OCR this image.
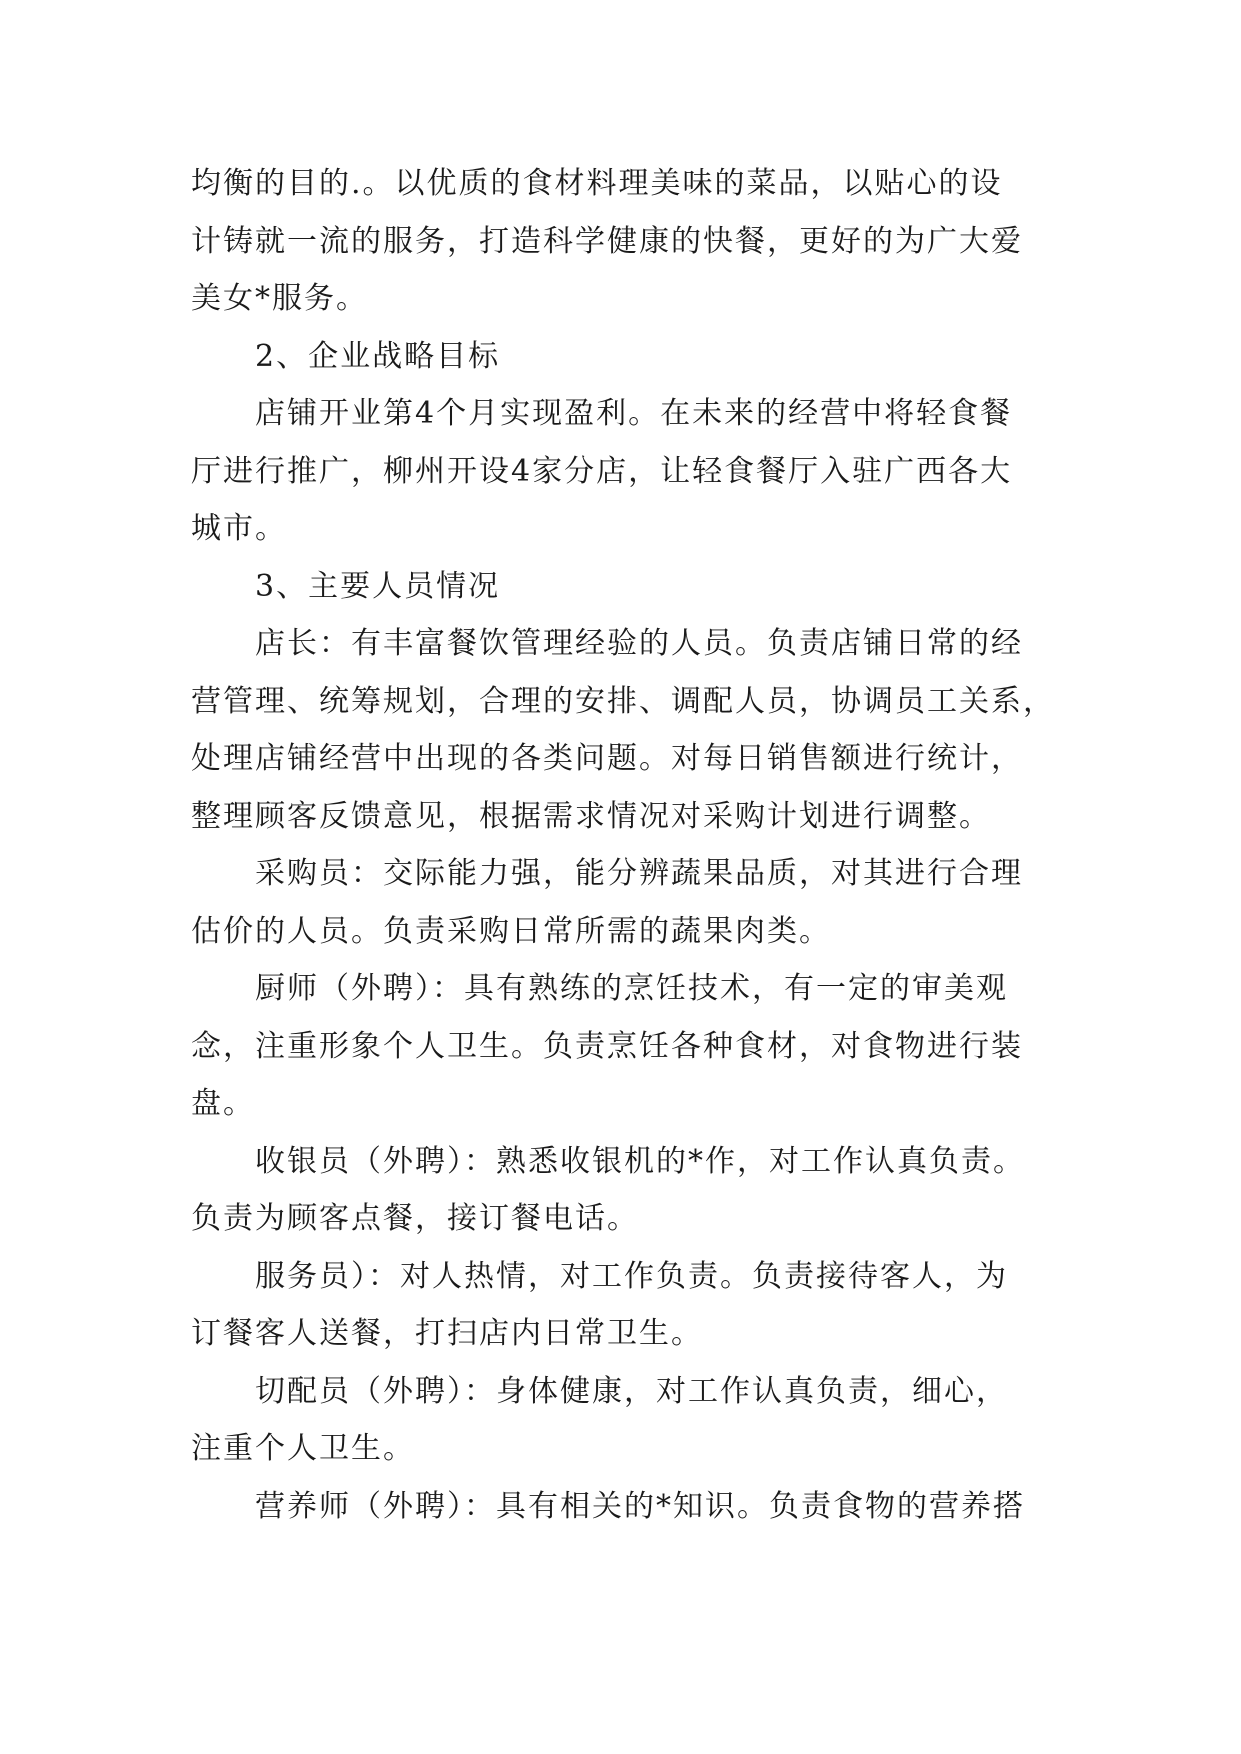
均衡的目的.。以优质的食材料理美味的菜品，以贴心的设
计铸就一流的服务，打造科学健康的快餐，更好的为广大爱
美女*服务。

2、企业战略目标

店铺开业第4个月实现盈利。在未来的经营中将轻食餐
厅进行推广，柳州开设4家分店，让轻食餐厅入驻广西各大
城市。

3、主要人员情况

店长：有丰富餐饮管理经验的人员。负责店铺日常的经
营管理、统筹规划，合理的安排、调配人员，协调员工关系，
处理店铺经营中出现的各类问题。对每日销售额进行统计，
整理顾客反馈意见，根据需求情况对采购计划进行调整。

采购员：交际能力强，能分辨蔬果品质，对其进行合理
估价的人员。负责采购日常所需的蔬果肉类。

厨师（外聘）：具有熟练的烹饪技术，有一定的审美观
念，注重形象个人卫生。负责烹饪各种食材，对食物进行装
盘。

收银员（外聘）：熟悉收银机的*作，对工作认真负责。
负责为顾客点餐，接订餐电话。

服务员）：对人热情，对工作负责。负责接待客人，为
订餐客人送餐，打扫店内日常卫生。

切配员（外聘）：身体健康，对工作认真负责，细心，
注重个人卫生。

营养师（外聘）：具有相关的*知识。负责食物的营养搭
